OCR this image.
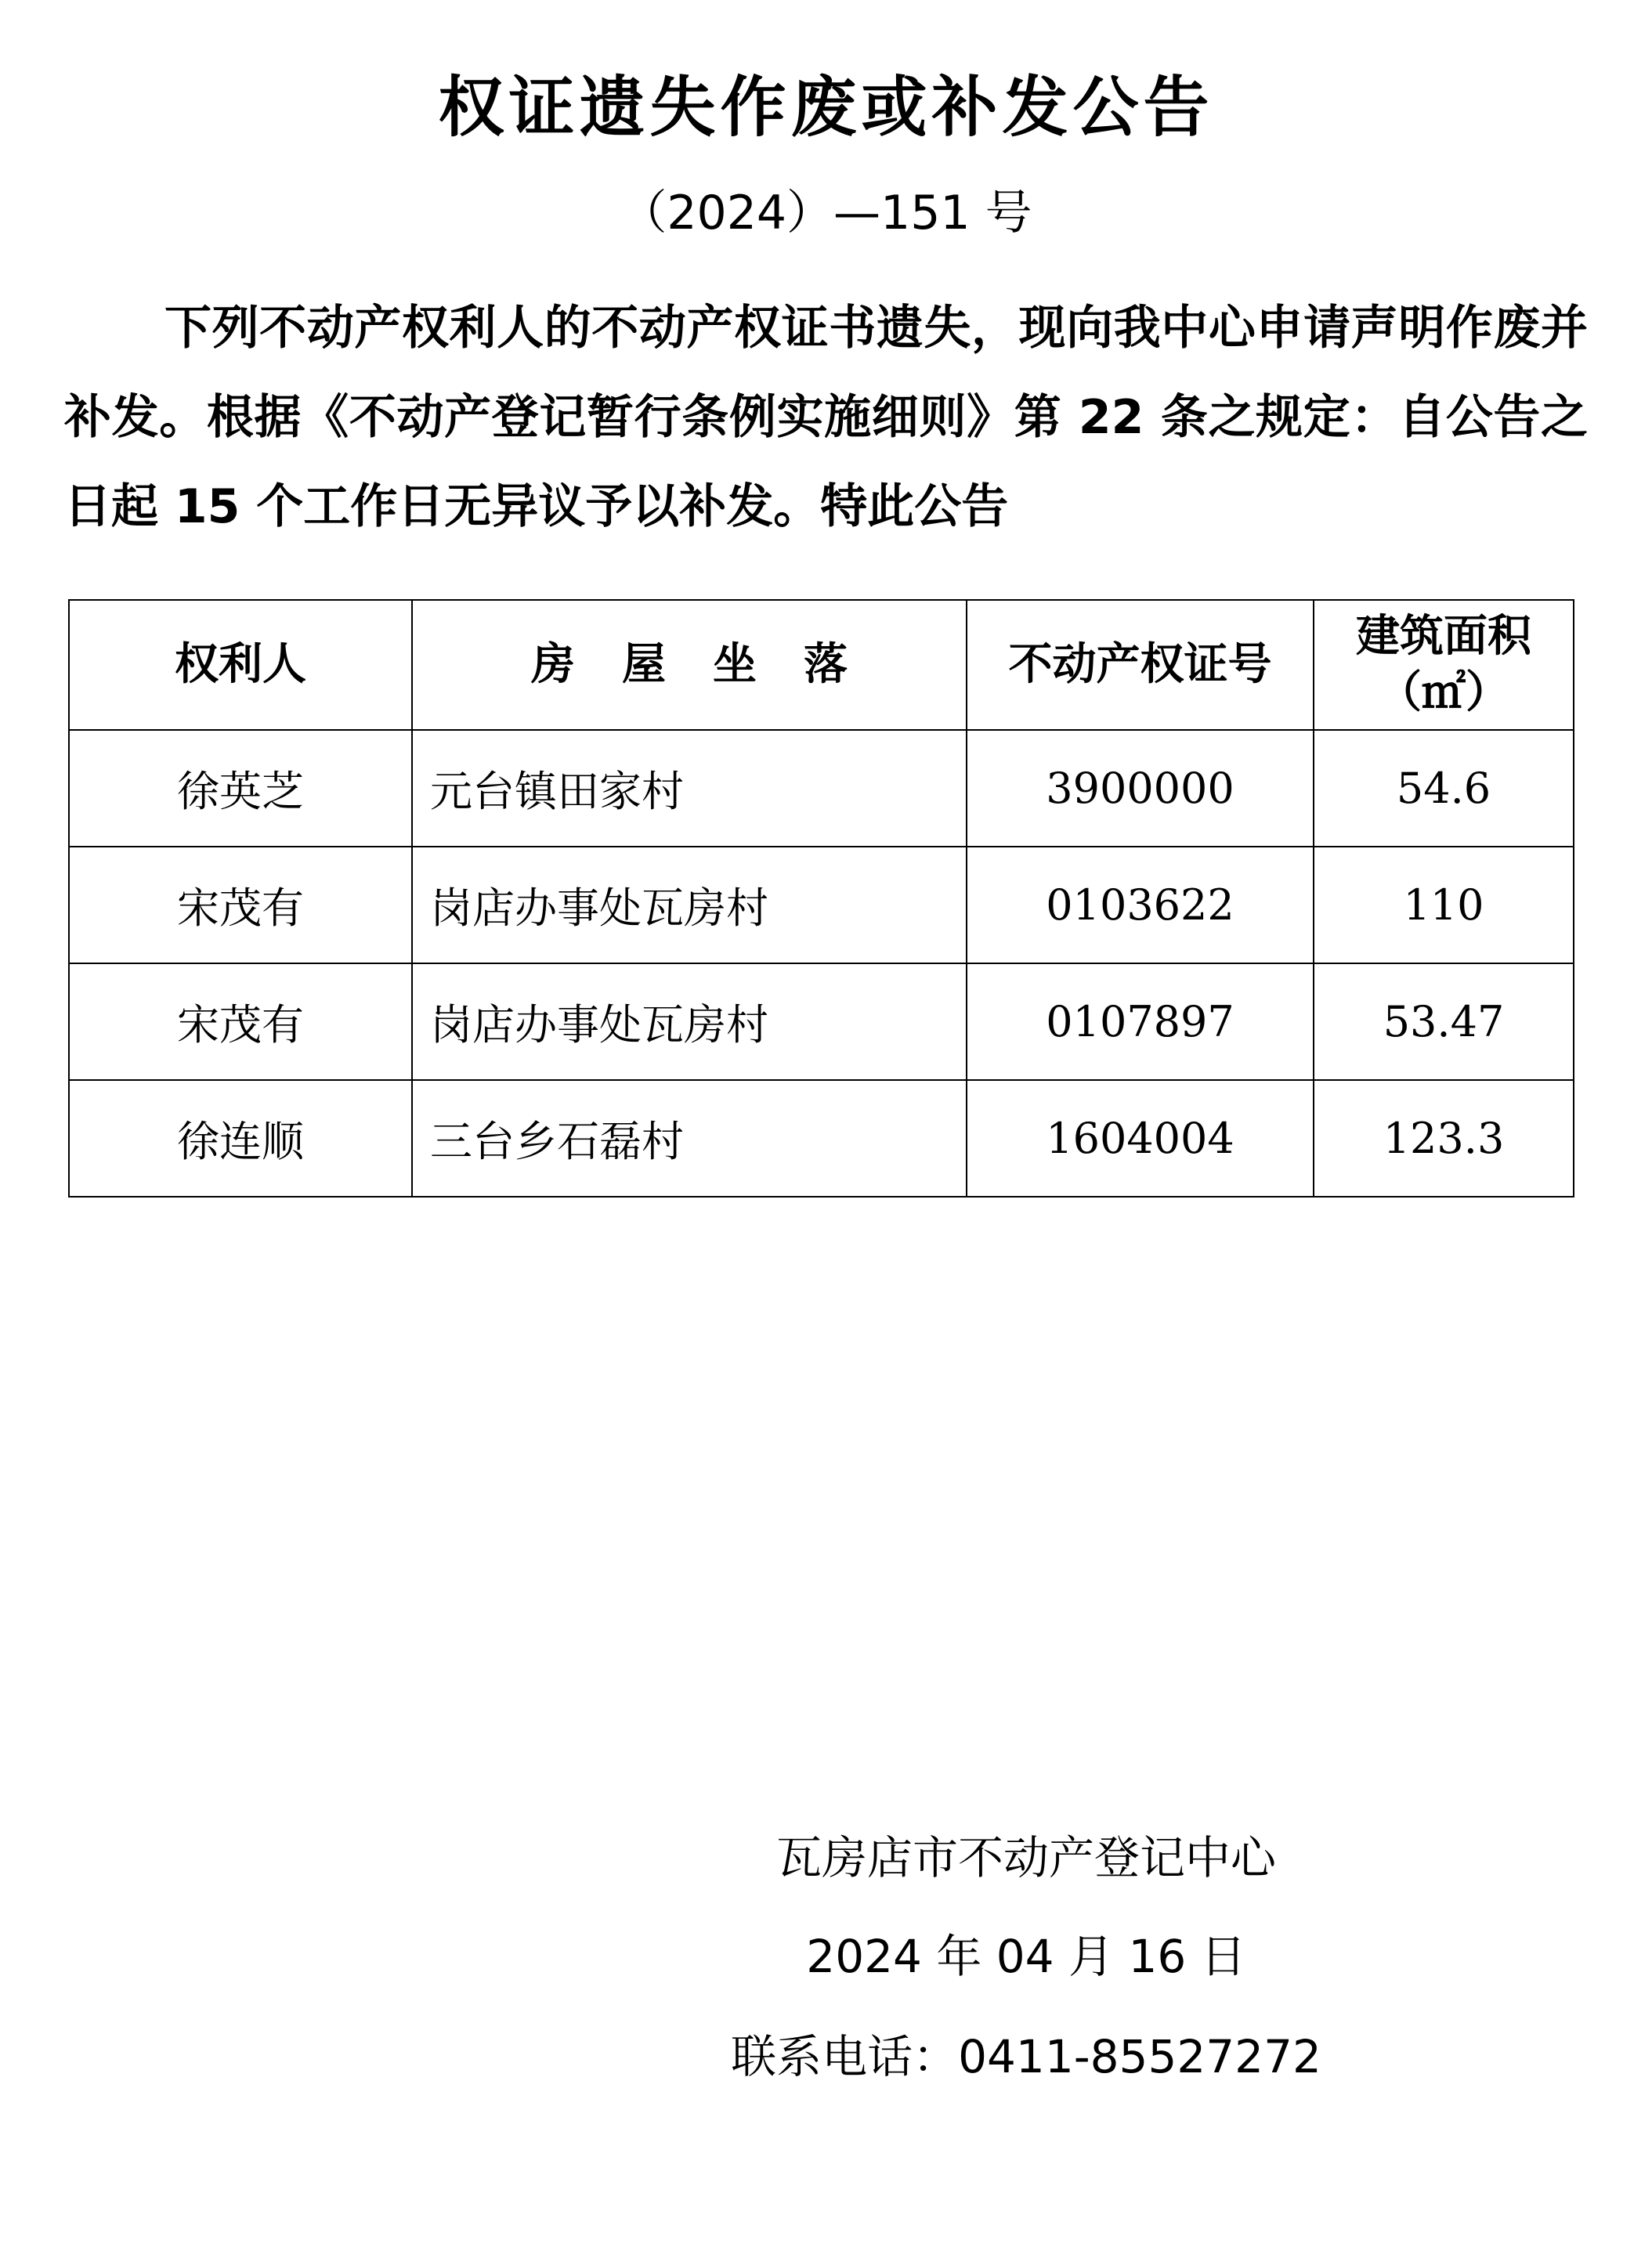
权证遗失作废或补发公告
（2024）—151 号

下列不动产权利人的不动产权证书遗失，现向我中心申请声明作废并补发。根据《不动产登记暂行条例实施细则》第 22 条之规定：自公告之日起 15 个工作日无异议予以补发。特此公告

权利人	房屋坐落	不动产权证号	建筑面积
（㎡）

徐英芝	元台镇田家村	3900000	54.6
宋茂有	岗店办事处瓦房村	0103622	110
宋茂有	岗店办事处瓦房村	0107897	53.47
徐连顺	三台乡石磊村	1604004	123.3
瓦房店市不动产登记中心
2024 年 04 月 16 日
联系电话：0411-85527272
